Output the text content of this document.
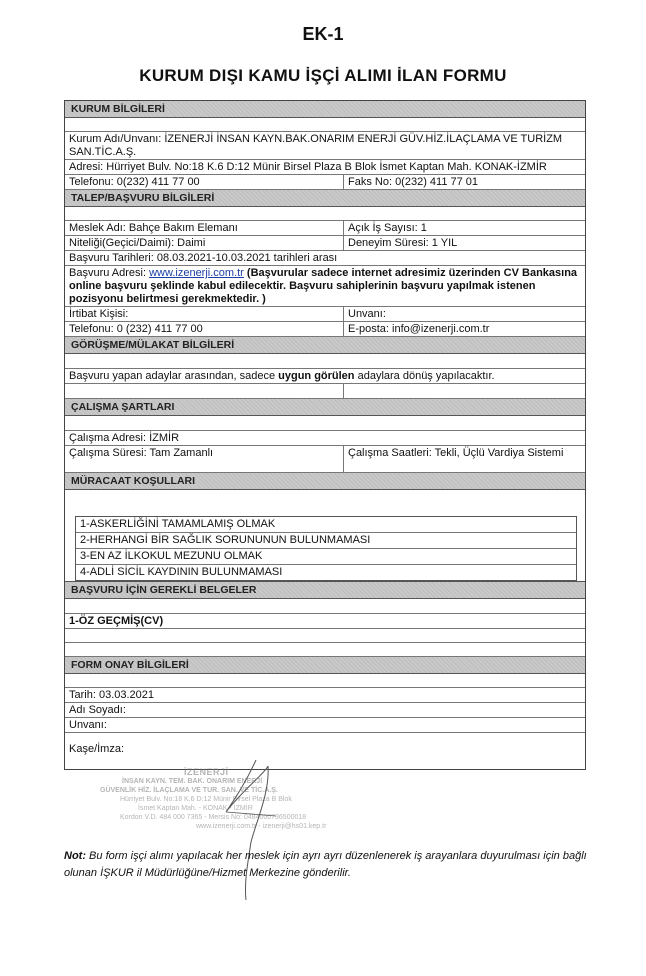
EK-1
KURUM DIŞI KAMU İŞÇİ ALIMI İLAN FORMU
KURUM BİLGİLERİ
Kurum Adı/Unvanı: İZENERJİ İNSAN KAYN.BAK.ONARIM ENERJİ GÜV.HİZ.İLAÇLAMA VE TURİZM SAN.TİC.A.Ş.
Adresi: Hürriyet Bulv. No:18 K.6 D:12 Münir Birsel Plaza B Blok İsmet Kaptan Mah. KONAK-İZMİR
Telefonu: 0(232) 411 77 00	Faks No: 0(232) 411 77 01
TALEP/BAŞVURU BİLGİLERİ
Meslek Adı: Bahçe Bakım Elemanı	Açık İş Sayısı: 1
Niteliği(Geçici/Daimi): Daimi	Deneyim Süresi: 1 YIL
Başvuru Tarihleri: 08.03.2021-10.03.2021 tarihleri arası
Başvuru Adresi: www.izenerji.com.tr (Başvurular sadece internet adresimiz üzerinden CV Bankasına online başvuru şeklinde kabul edilecektir. Başvuru sahiplerinin başvuru yapılmak istenen pozisyonu belirtmesi gerekmektedir. )
İrtibat Kişisi:	Unvanı:
Telefonu: 0 (232) 411 77 00	E-posta: info@izenerji.com.tr
GÖRÜŞME/MÜLAKAT BİLGİLERİ
Başvuru yapan adaylar arasından, sadece uygun görülen adaylara dönüş yapılacaktır.

ÇALIŞMA ŞARTLARI
Çalışma Adresi: İZMİR
Çalışma Süresi: Tam Zamanlı	Çalışma Saatleri: Tekli, Üçlü Vardiya Sistemi
MÜRACAAT KOŞULLARI
1-ASKERLİĞİNİ TAMAMLAMIŞ OLMAK
2-HERHANGİ BİR SAĞLIK SORUNUNUN BULUNMAMASI
3-EN AZ İLKOKUL MEZUNU OLMAK
4-ADLİ SİCİL KAYDININ BULUNMAMASI
BAŞVURU İÇİN GEREKLİ BELGELER
1-ÖZ GEÇMİŞ(CV)
FORM ONAY BİLGİLERİ
Tarih: 03.03.2021
Adı Soyadı:
Unvanı:
Kaşe/İmza:
İZENERJİ
İNSAN KAYN. TEM. BAK. ONARIM ENERJİ
GÜVENLİK HİZ. İLAÇLAMA VE TUR. SAN. VE TİC.A.Ş.
Hürriyet Bulv. No:18 K.6 D:12 Münir Birsel Plaza B Blok
İsmet Kaptan Mah. - KONAK - İZMİR
Kordon V.D. 484 000 7365 - Mersis No: 0484000736500018
www.izenerji.com.tr - izenerji@hs01.kep.tr
Not: Bu form işçi alımı yapılacak her meslek için ayrı ayrı düzenlenerek iş arayanlara duyurulması için bağlı olunan İŞKUR il Müdürlüğüne/Hizmet Merkezine gönderilir.
